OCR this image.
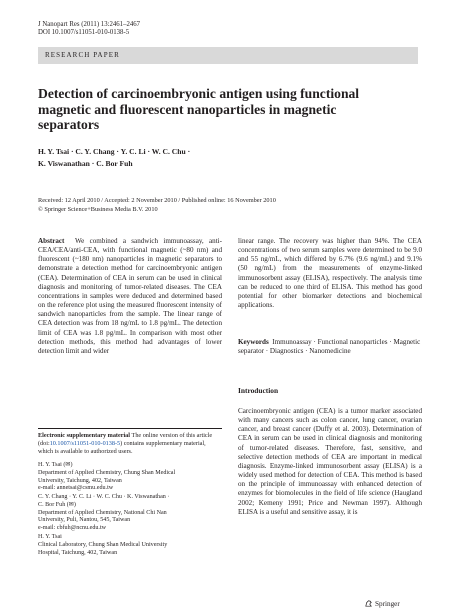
J Nanopart Res (2011) 13:2461–2467
DOI 10.1007/s11051-010-0138-5
RESEARCH PAPER
Detection of carcinoembryonic antigen using functional
magnetic and fluorescent nanoparticles in magnetic
separators
H. Y. Tsai · C. Y. Chang · Y. C. Li · W. C. Chu ·
K. Viswanathan · C. Bor Fuh
Received: 12 April 2010 / Accepted: 2 November 2010 / Published online: 16 November 2010
© Springer Science+Business Media B.V. 2010

Abstract We combined a sandwich immunoassay, anti-CEA/CEA/anti-CEA, with functional magnetic (~80 nm) and fluorescent (~180 nm) nanoparticles in magnetic separators to demonstrate a detection method for carcinoembryonic antigen (CEA). Determination of CEA in serum can be used in clinical diagnosis and monitoring of tumor-related diseases. The CEA concentrations in samples were deduced and determined based on the reference plot using the measured fluorescent intensity of sandwich nanoparticles from the sample. The linear range of CEA detection was from 18 ng/mL to 1.8 pg/mL. The detection limit of CEA was 1.8 pg/mL. In comparison with most other detection methods, this method had advantages of lower detection limit and wider

linear range. The recovery was higher than 94%. The CEA concentrations of two serum samples were determined to be 9.0 and 55 ng/mL, which differed by 6.7% (9.6 ng/mL) and 9.1% (50 ng/mL) from the measurements of enzyme-linked immunosorbent assay (ELISA), respectively. The analysis time can be reduced to one third of ELISA. This method has good potential for other biomarker detections and biochemical applications.

Keywords Immunoassay · Functional nanoparticles · Magnetic separator · Diagnostics · Nanomedicine

Introduction

Carcinoembryonic antigen (CEA) is a tumor marker associated with many cancers such as colon cancer, lung cancer, ovarian cancer, and breast cancer (Duffy et al. 2003). Determination of CEA in serum can be used in clinical diagnosis and monitoring of tumor-related diseases. Therefore, fast, sensitive, and selective detection methods of CEA are important in medical diagnosis. Enzyme-linked immunosorbent assay (ELISA) is a widely used method for detection of CEA. This method is based on the principle of immunoassay with enhanced detection of enzymes for biomolecules in the field of life science (Haugland 2002; Kemeny 1991; Price and Newman 1997). Although ELISA is a useful and sensitive assay, it is

Electronic supplementary material The online version of this article (doi:10.1007/s11051-010-0138-5) contains supplementary material, which is available to authorized users.
H. Y. Tsai (✉)
Department of Applied Chemistry, Chung Shan Medical
University, Taichung, 402, Taiwan
e-mail: annetsai@csmu.edu.tw
C. Y. Chang · Y. C. Li · W. C. Chu · K. Viswanathan ·
C. Bor Fuh (✉)
Department of Applied Chemistry, National Chi Nan
University, Puli, Nantou, 545, Taiwan
e-mail: cbfuh@ncnu.edu.tw
H. Y. Tsai
Clinical Laboratory, Chung Shan Medical University
Hospital, Taichung, 402, Taiwan
Springer
